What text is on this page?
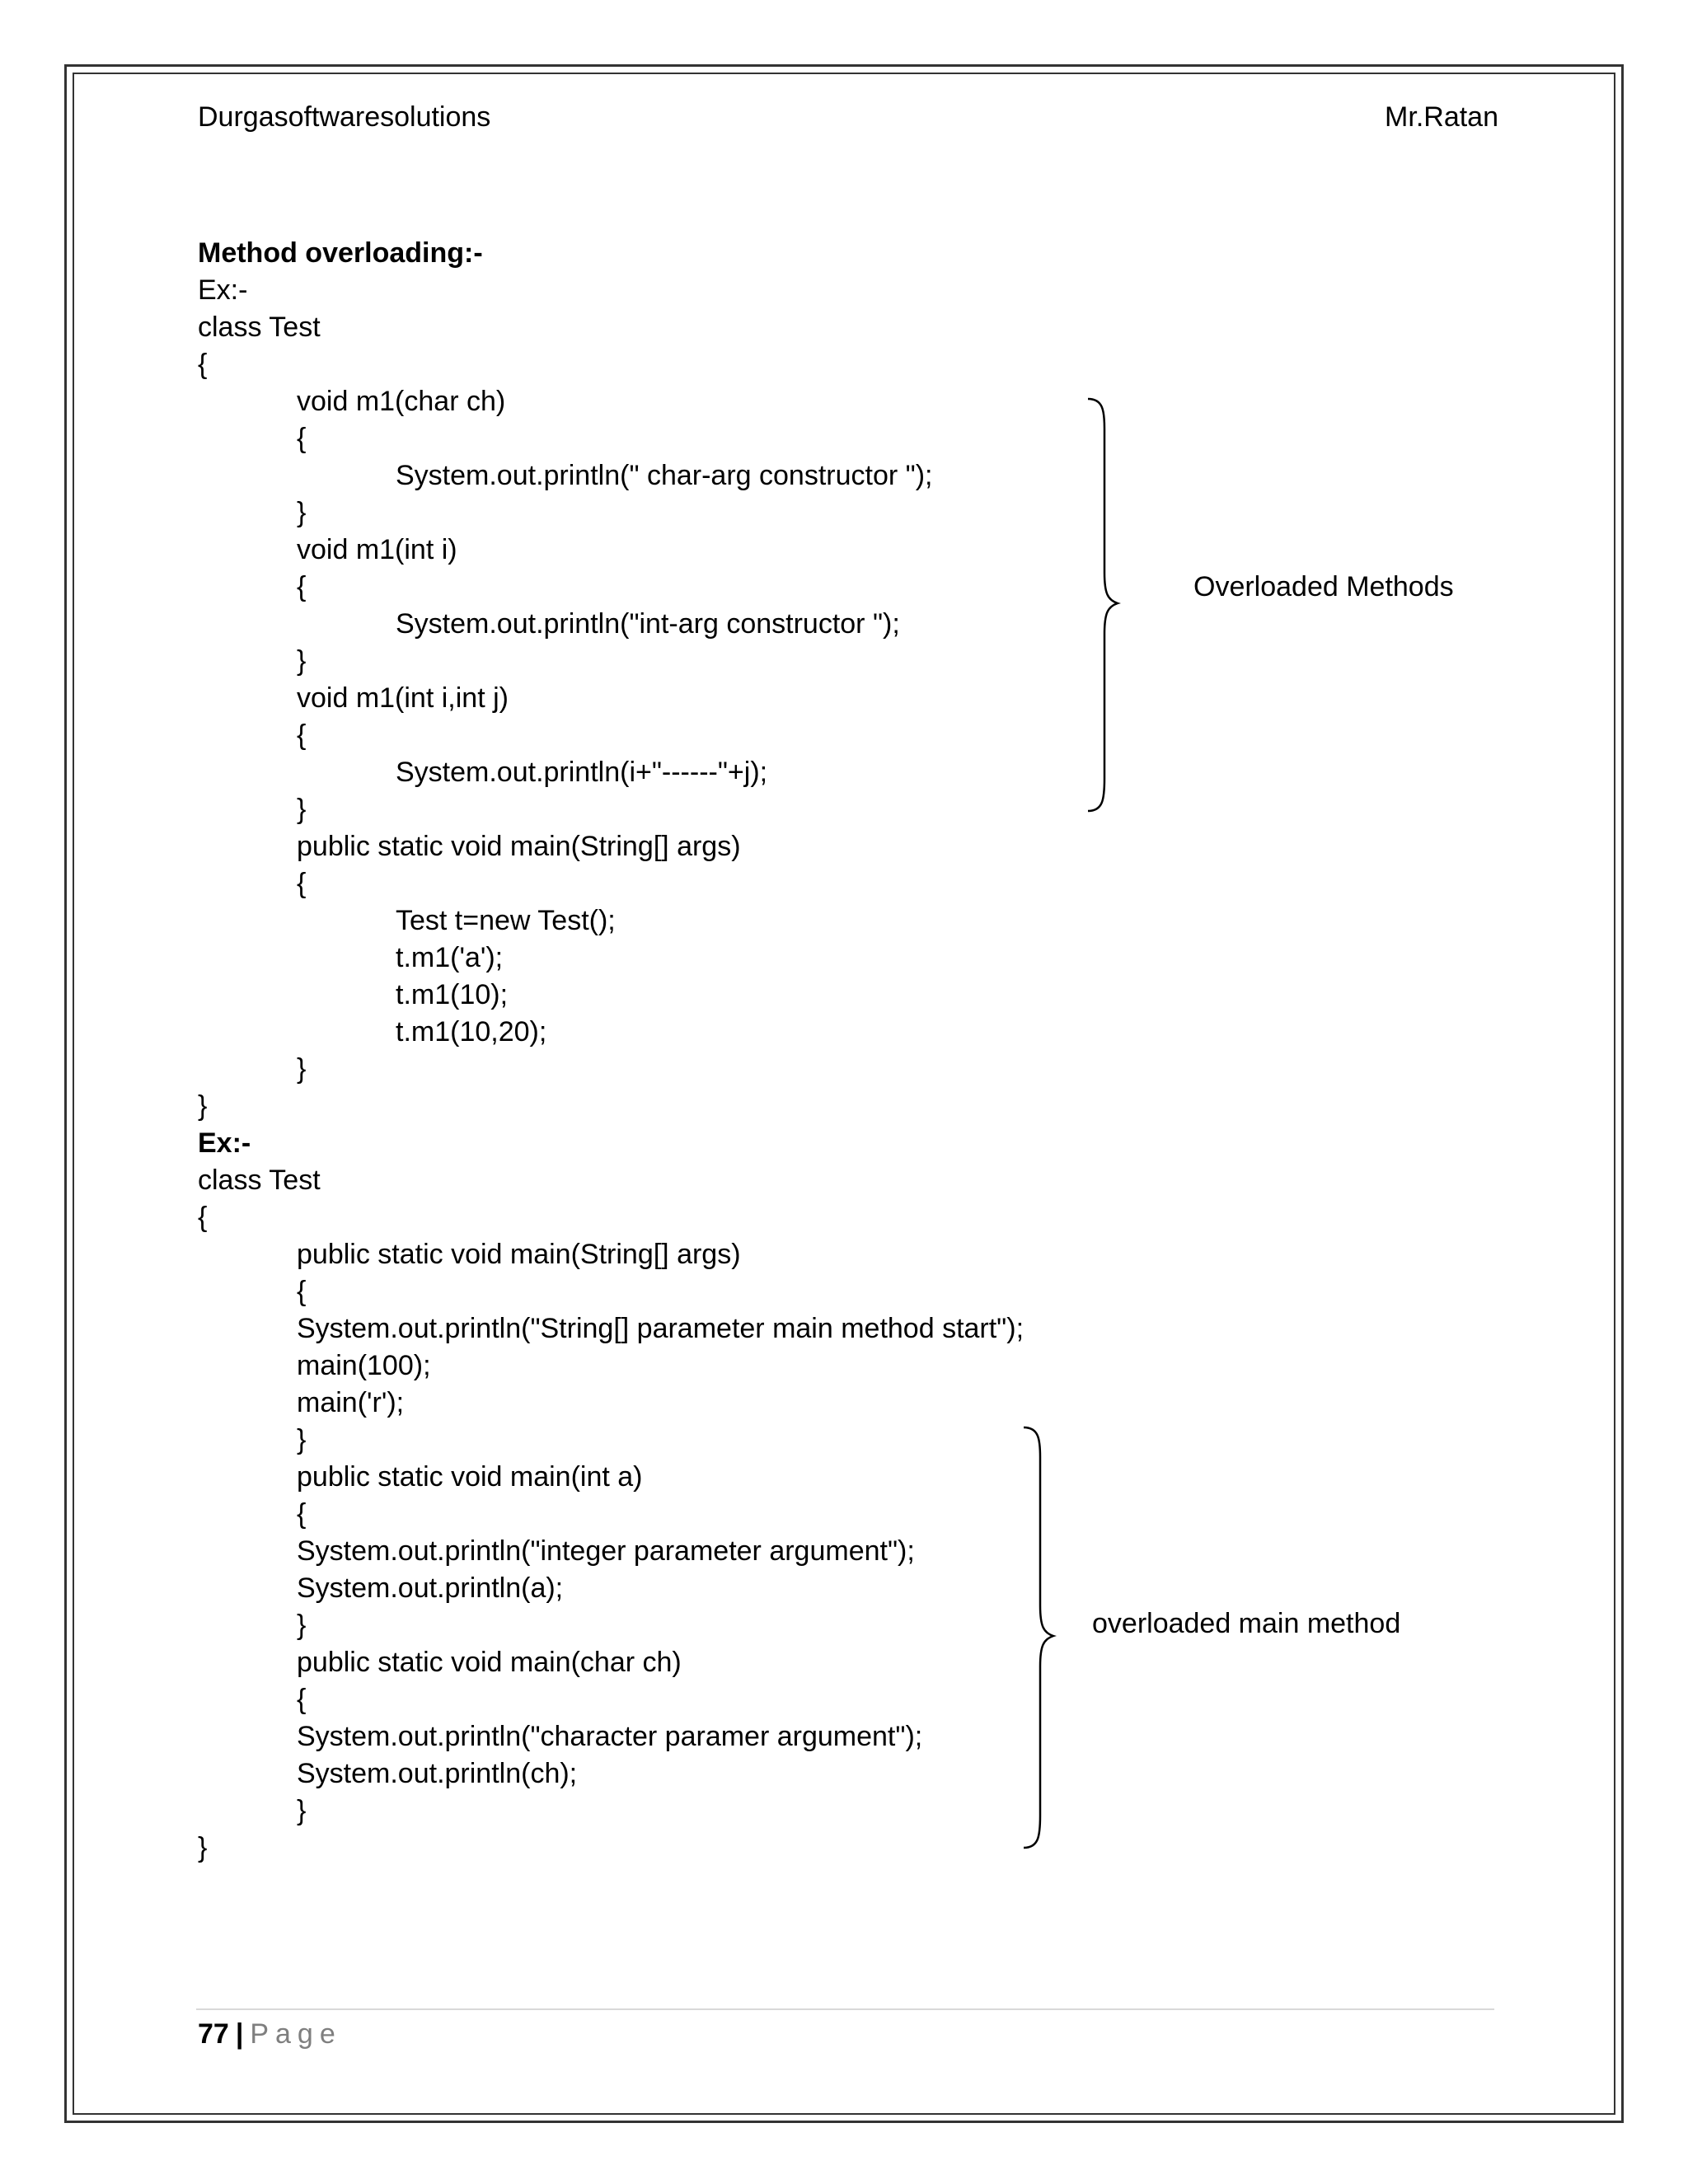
Durgasoftwaresolutions	Mr.Ratan
Method overloading:-
Ex:-
class Test
{
void m1(char ch)
{
System.out.println(" char-arg constructor ");
}
void m1(int i)
{
System.out.println("int-arg constructor ");
}
void m1(int i,int j)
{
System.out.println(i+"------"+j);
}
public static void main(String[] args)
{
Test t=new Test();
t.m1('a');
t.m1(10);
t.m1(10,20);
}
}
Ex:-
class Test
{
public static void main(String[] args)
{
System.out.println("String[] parameter main method start");
main(100);
main('r');
}
public static void main(int a)
{
System.out.println("integer parameter argument");
System.out.println(a);
}
public static void main(char ch)
{
System.out.println("character paramer argument");
System.out.println(ch);
}
}
Overloaded Methods
overloaded main method
77 | Page
